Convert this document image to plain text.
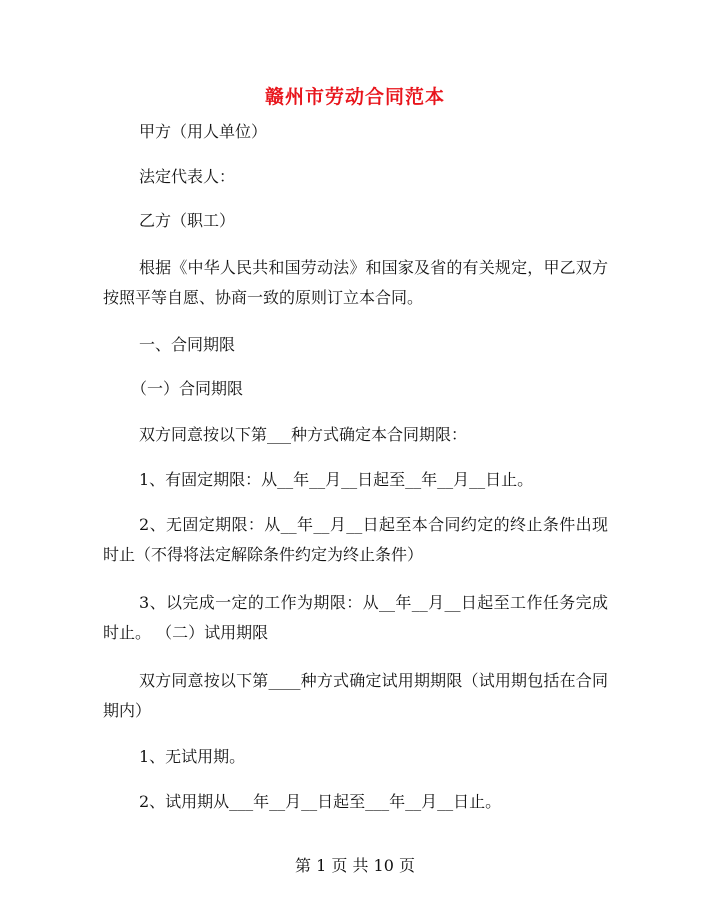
赣州市劳动合同范本
甲方（用人单位）
法定代表人：
乙方（职工）
根据《中华人民共和国劳动法》和国家及省的有关规定，甲乙双方按照平等自愿、协商一致的原则订立本合同。
一、合同期限
（一）合同期限
双方同意按以下第___种方式确定本合同期限：
1、有固定期限：从__年__月__日起至__年__月__日止。
2、无固定期限：从__年__月__日起至本合同约定的终止条件出现时止（不得将法定解除条件约定为终止条件）
3、以完成一定的工作为期限：从__年__月__日起至工作任务完成时止。 （二）试用期限
双方同意按以下第____种方式确定试用期期限（试用期包括在合同期内）
1、无试用期。
2、试用期从___年__月__日起至___年__月__日止。
第 1 页 共 10 页
